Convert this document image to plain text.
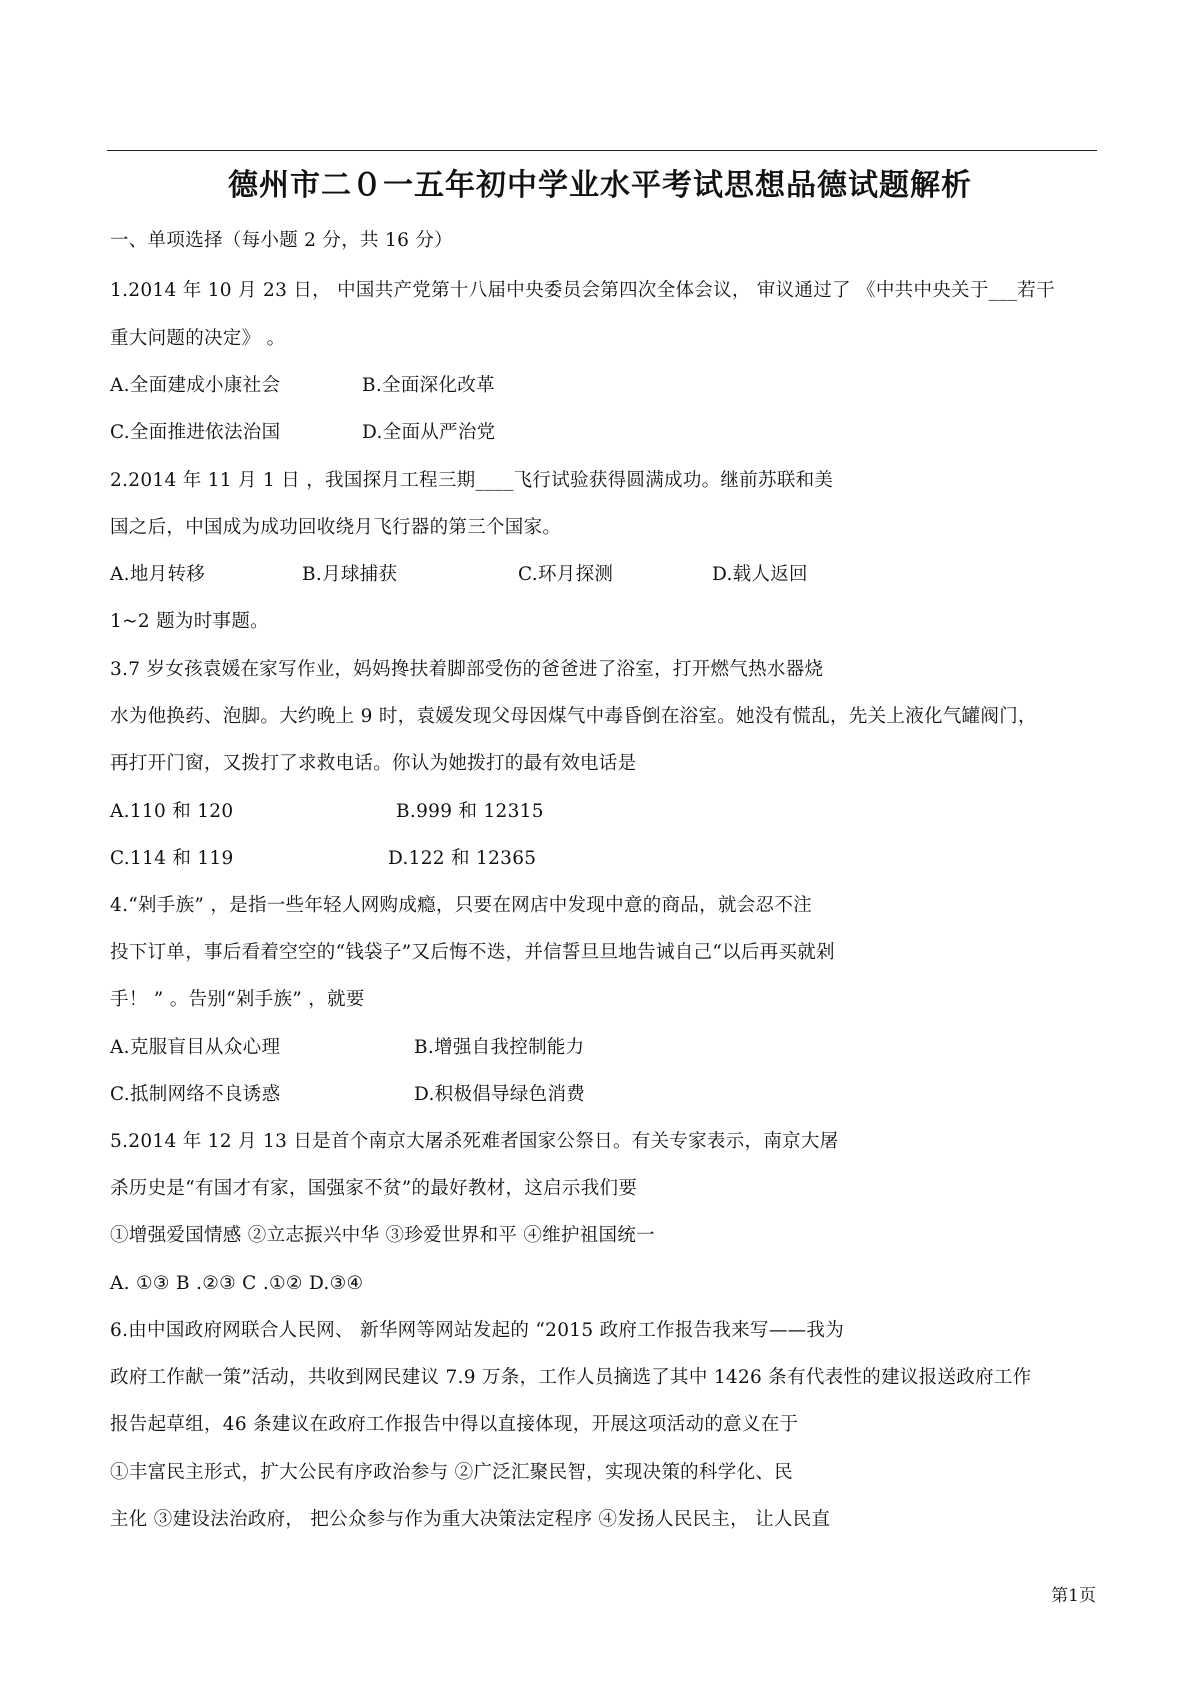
德州市二０一五年初中学业水平考试思想品德试题解析
一、单项选择（每小题 2 分，共 16 分）
1.2014 年 10 月 23 日， 中国共产党第十八届中央委员会第四次全体会议， 审议通过了 《中共中央关于___若干
重大问题的决定》 。
A.全面建成小康社会	B.全面深化改革
C.全面推进依法治国	D.全面从严治党
2.2014 年 11 月 1 日 ，我国探月工程三期____飞行试验获得圆满成功。继前苏联和美
国之后，中国成为成功回收绕月飞行器的第三个国家。
A.地月转移	B.月球捕获	C.环月探测	D.载人返回
1~2 题为时事题。
3.7 岁女孩袁媛在家写作业，妈妈搀扶着脚部受伤的爸爸进了浴室，打开燃气热水器烧
水为他换药、泡脚。大约晚上 9 时，袁媛发现父母因煤气中毒昏倒在浴室。她没有慌乱，先关上液化气罐阀门，
再打开门窗，又拨打了求救电话。你认为她拨打的最有效电话是
A.110 和 120	B.999 和 12315
C.114 和 119	D.122 和 12365
4.“剁手族” ，是指一些年轻人网购成瘾，只要在网店中发现中意的商品，就会忍不注
投下订单，事后看着空空的“钱袋子”又后悔不迭，并信誓旦旦地告诫自己“以后再买就剁
手！ ” 。告别“剁手族” ，就要
A.克服盲目从众心理	B.增强自我控制能力
C.抵制网络不良诱惑	D.积极倡导绿色消费
5.2014 年 12 月 13 日是首个南京大屠杀死难者国家公祭日。有关专家表示，南京大屠
杀历史是“有国才有家，国强家不贫”的最好教材，这启示我们要
①增强爱国情感 ②立志振兴中华 ③珍爱世界和平 ④维护祖国统一
A. ①③ B .②③ C .①② D.③④
6.由中国政府网联合人民网、 新华网等网站发起的 “2015 政府工作报告我来写——我为
政府工作献一策”活动，共收到网民建议 7.9 万条，工作人员摘选了其中 1426 条有代表性的建议报送政府工作
报告起草组，46 条建议在政府工作报告中得以直接体现，开展这项活动的意义在于
①丰富民主形式，扩大公民有序政治参与 ②广泛汇聚民智，实现决策的科学化、民
主化 ③建设法治政府， 把公众参与作为重大决策法定程序 ④发扬人民民主， 让人民直
第1页
